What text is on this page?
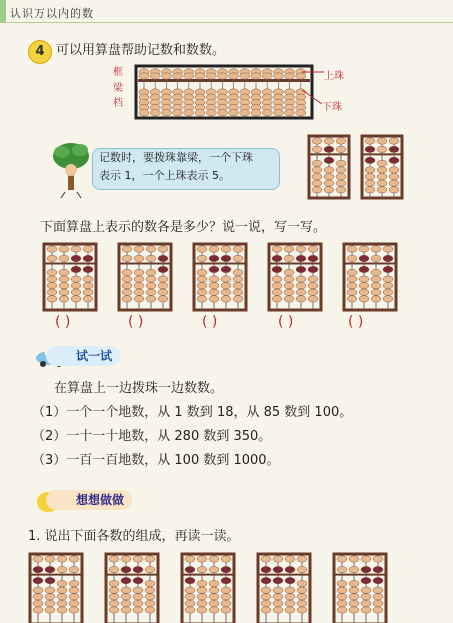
认识万以内的数
4 可以用算盘帮助记数和数数。
框
梁
档
上珠
下珠
记数时，要拨珠靠梁，一个下珠
表示 1，一个上珠表示 5。
下面算盘上表示的数各是多少？说一说，写一写。
( )	( )	( )	( )	( )
试一试
在算盘上一边拨珠一边数数。
（1）一个一个地数，从 1 数到 18，从 85 数到 100。
（2）一十一十地数，从 280 数到 350。
（3）一百一百地数，从 100 数到 1000。
想想做做
1. 说出下面各数的组成，再读一读。
